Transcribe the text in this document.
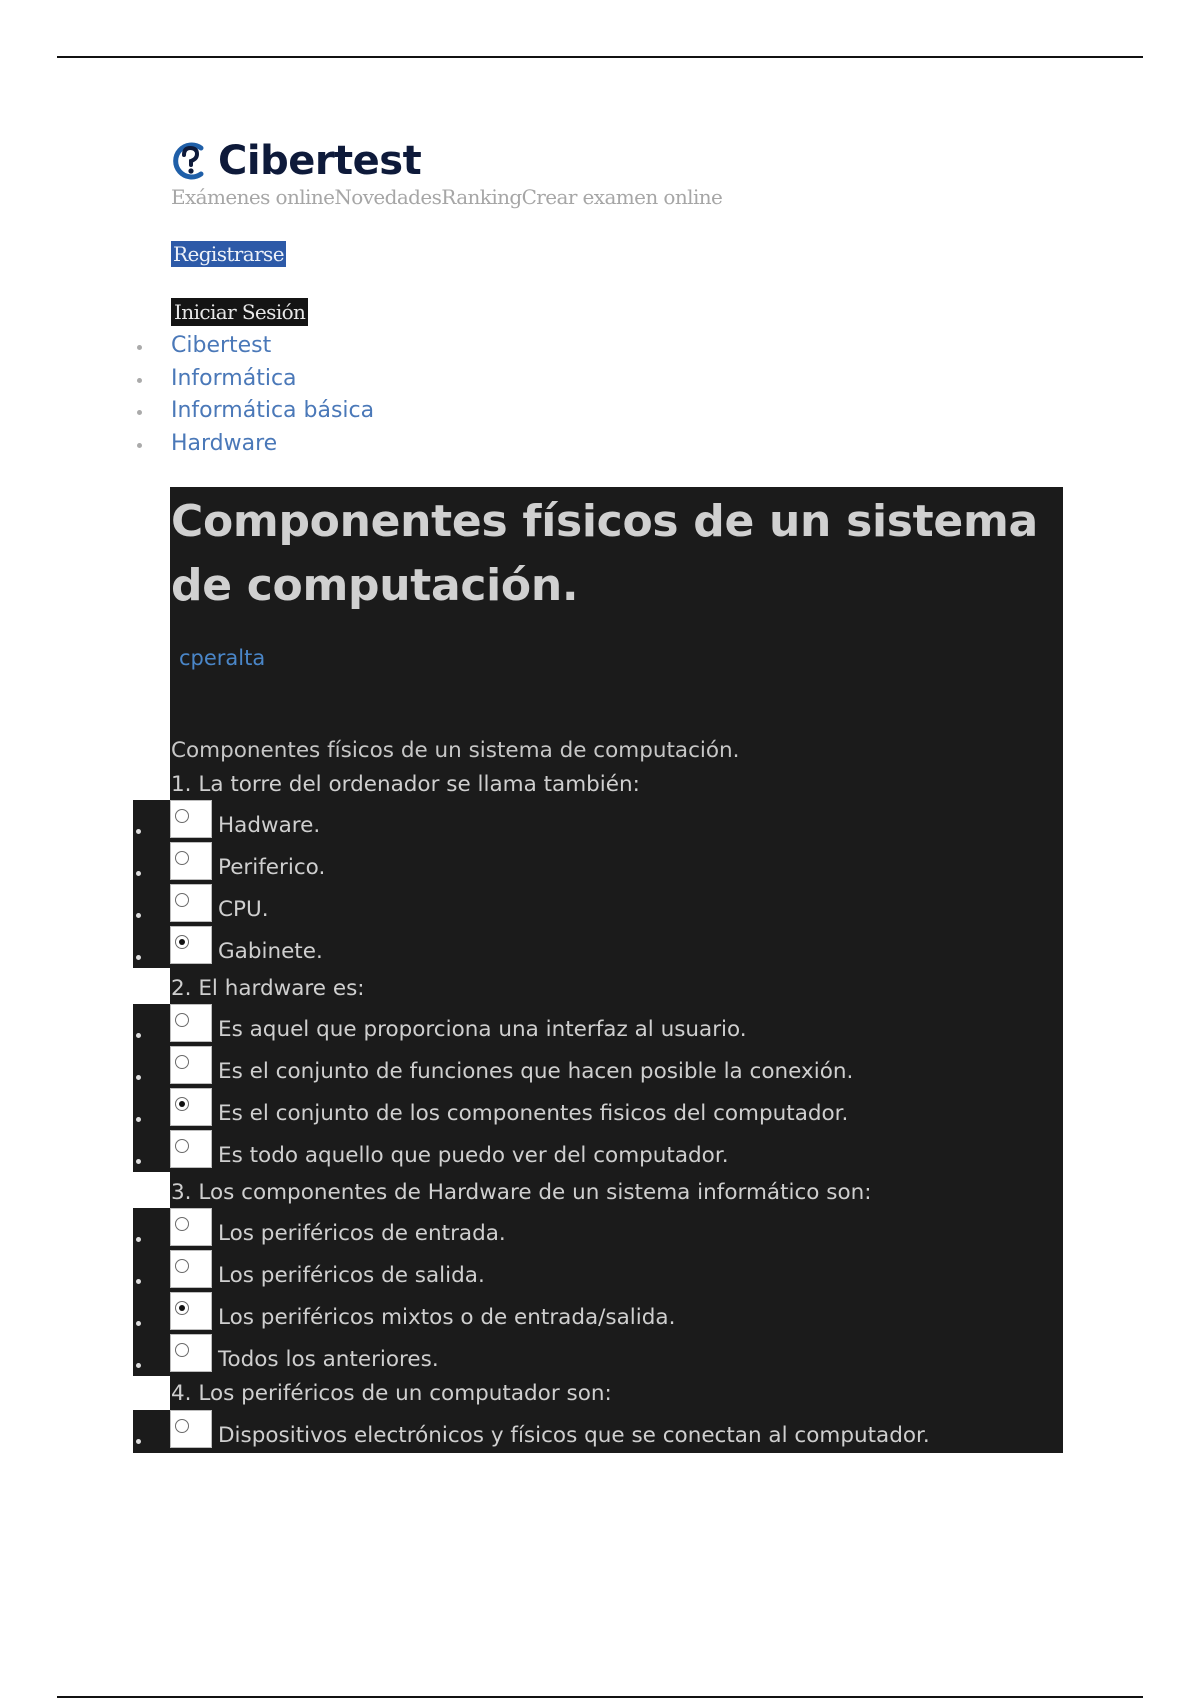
Cibertest
Exámenes online Novedades Ranking Crear examen online
Registrarse
Iniciar Sesión
Cibertest
Informática
Informática básica
Hardware
Componentes físicos de un sistema de computación.
cperalta
Componentes físicos de un sistema de computación.
1. La torre del ordenador se llama también:
Hadware.
Periferico.
CPU.
Gabinete.
2. El hardware es:
Es aquel que proporciona una interfaz al usuario.
Es el conjunto de funciones que hacen posible la conexión.
Es el conjunto de los componentes fisicos del computador.
Es todo aquello que puedo ver del computador.
3. Los componentes de Hardware de un sistema informático son:
Los periféricos de entrada.
Los periféricos de salida.
Los periféricos mixtos o de entrada/salida.
Todos los anteriores.
4. Los periféricos de un computador son:
Dispositivos electrónicos y físicos que se conectan al computador.
